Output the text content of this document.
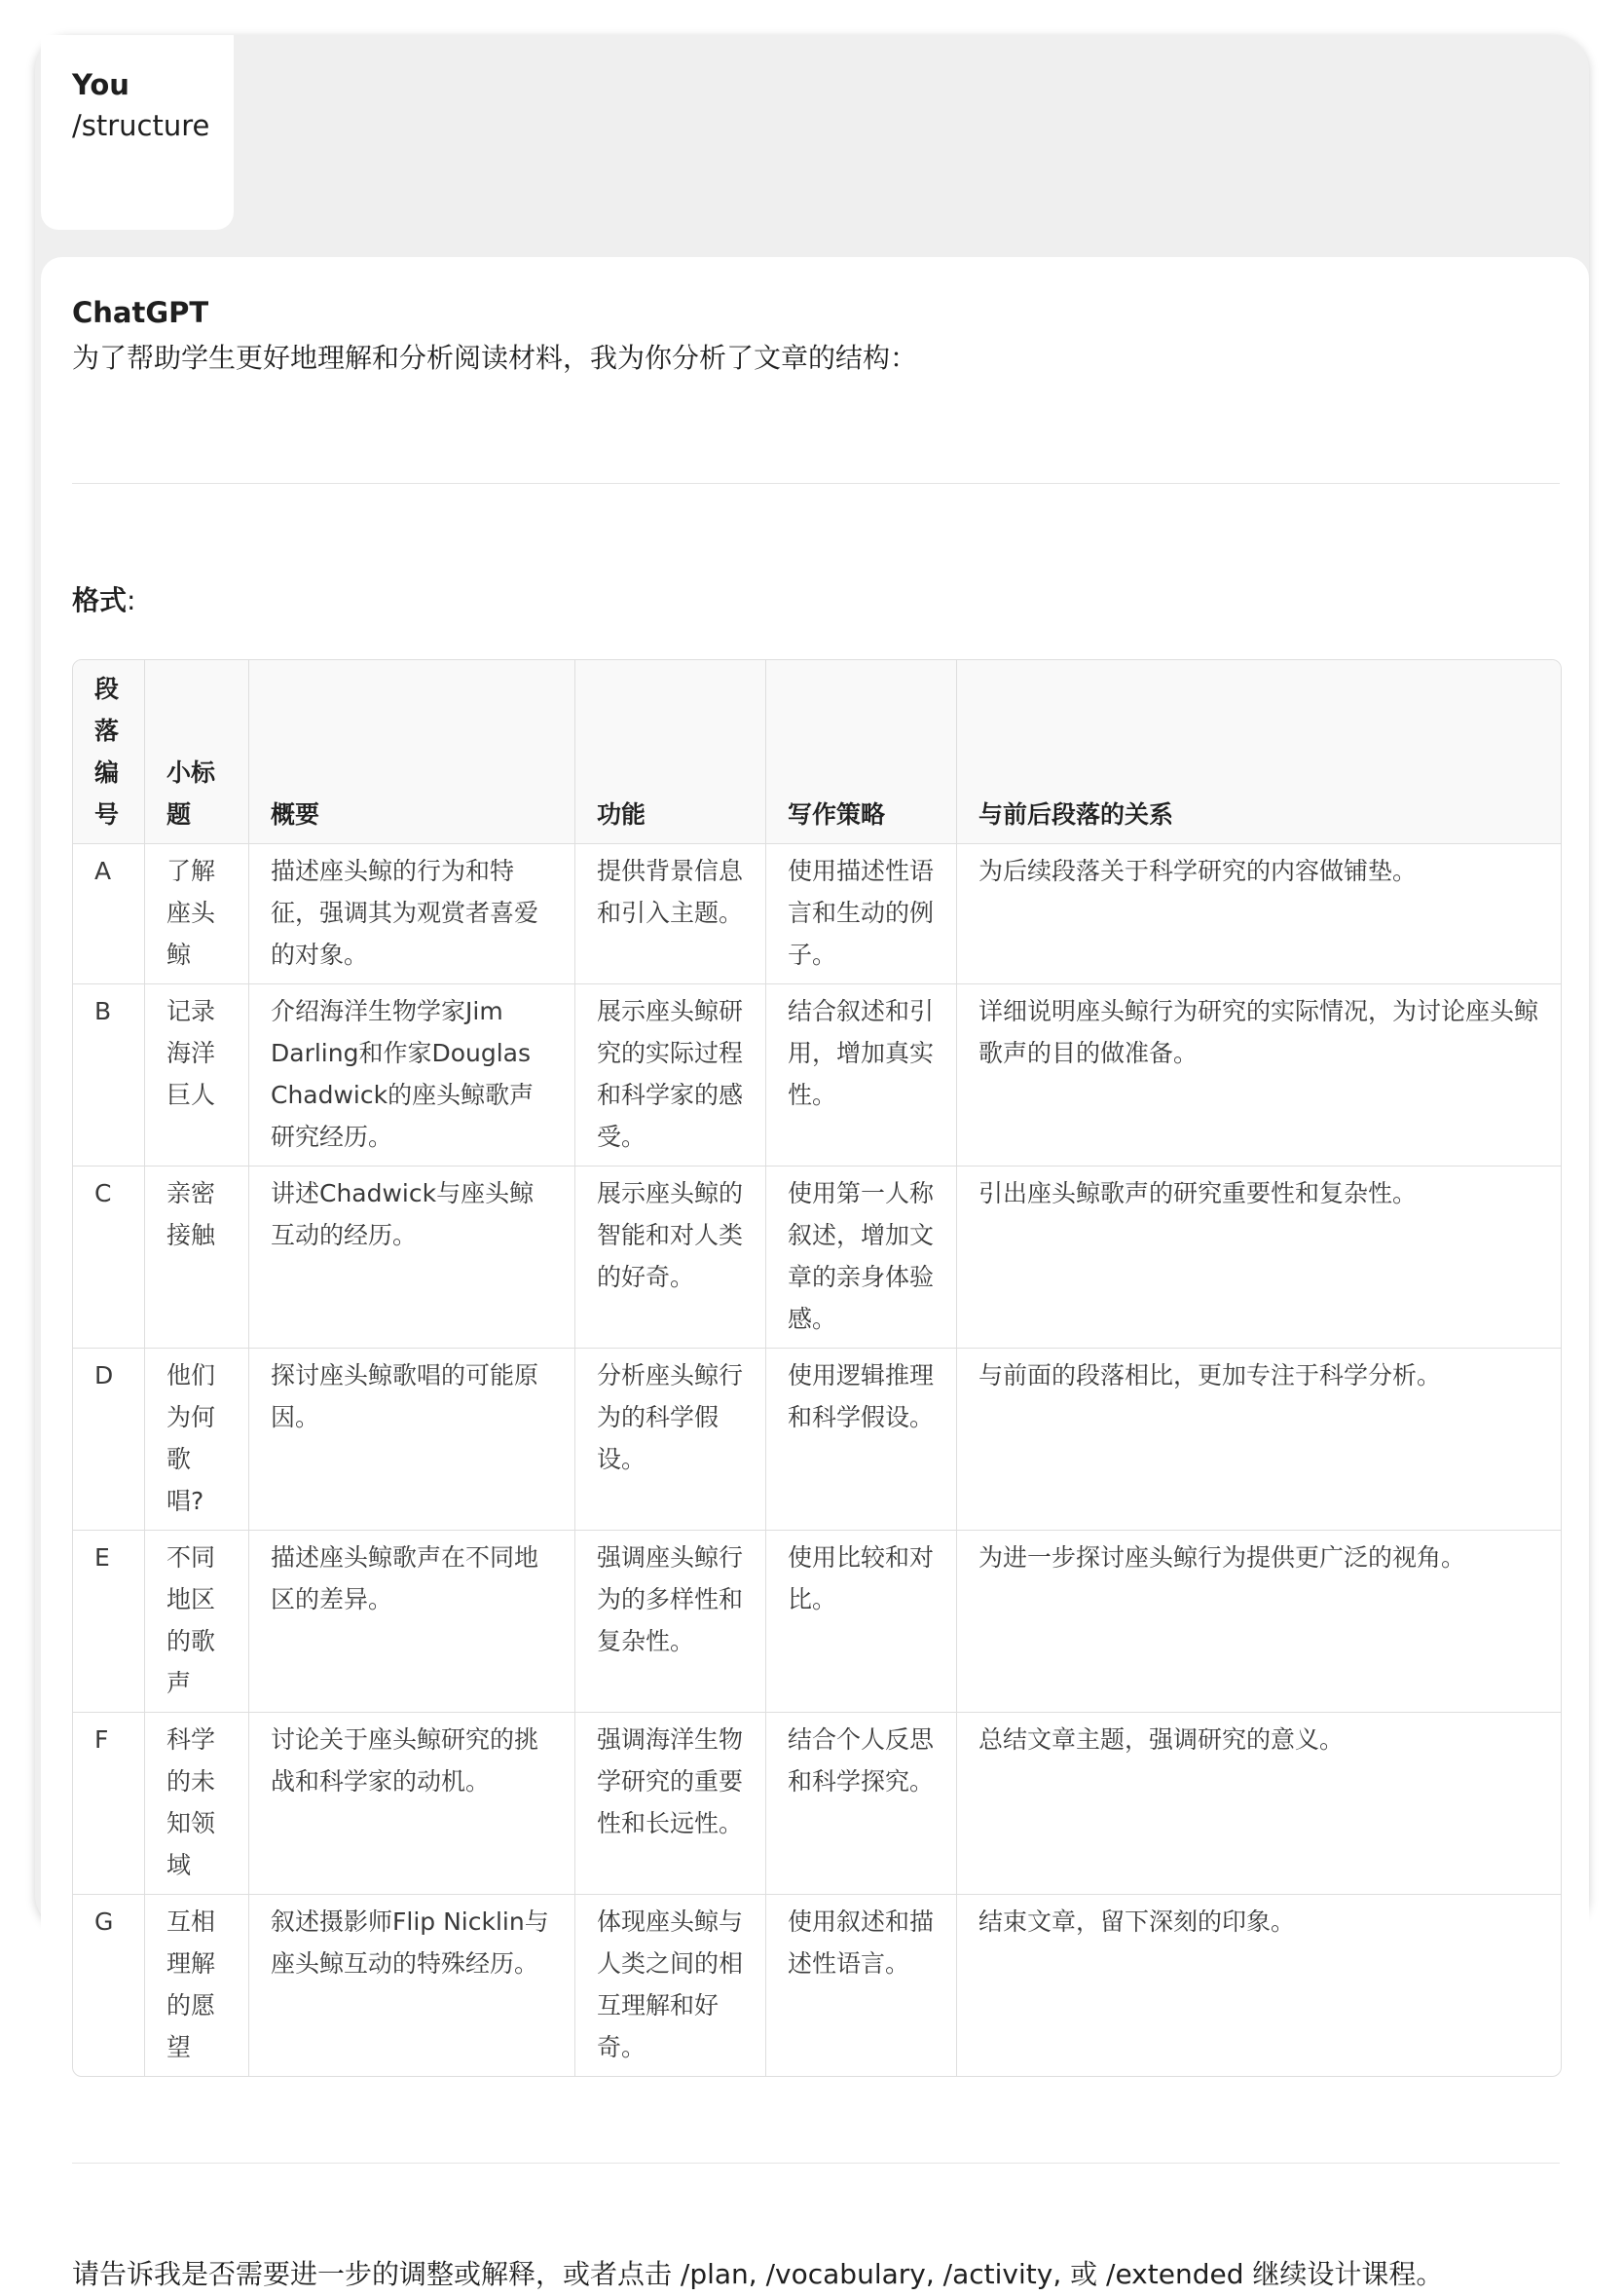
You
/structure
ChatGPT
为了帮助学生更好地理解和分析阅读材料，我为你分析了文章的结构：
格式:
段落编号	小标题	概要	功能	写作策略	与前后段落的关系
A	了解座头鲸	描述座头鲸的行为和特征，强调其为观赏者喜爱的对象。	提供背景信息和引入主题。	使用描述性语言和生动的例子。	为后续段落关于科学研究的内容做铺垫。
B	记录海洋巨人	介绍海洋生物学家Jim Darling和作家Douglas Chadwick的座头鲸歌声研究经历。	展示座头鲸研究的实际过程和科学家的感受。	结合叙述和引用，增加真实性。	详细说明座头鲸行为研究的实际情况，为讨论座头鲸歌声的目的做准备。
C	亲密接触	讲述Chadwick与座头鲸互动的经历。	展示座头鲸的智能和对人类的好奇。	使用第一人称叙述，增加文章的亲身体验感。	引出座头鲸歌声的研究重要性和复杂性。
D	他们为何歌唱?	探讨座头鲸歌唱的可能原因。	分析座头鲸行为的科学假设。	使用逻辑推理和科学假设。	与前面的段落相比，更加专注于科学分析。
E	不同地区的歌声	描述座头鲸歌声在不同地区的差异。	强调座头鲸行为的多样性和复杂性。	使用比较和对比。	为进一步探讨座头鲸行为提供更广泛的视角。
F	科学的未知领域	讨论关于座头鲸研究的挑战和科学家的动机。	强调海洋生物学研究的重要性和长远性。	结合个人反思和科学探究。	总结文章主题，强调研究的意义。
G	互相理解的愿望	叙述摄影师Flip Nicklin与座头鲸互动的特殊经历。	体现座头鲸与人类之间的相互理解和好奇。	使用叙述和描述性语言。	结束文章，留下深刻的印象。
请告诉我是否需要进一步的调整或解释，或者点击 /plan, /vocabulary, /activity, 或 /extended 继续设计课程。
